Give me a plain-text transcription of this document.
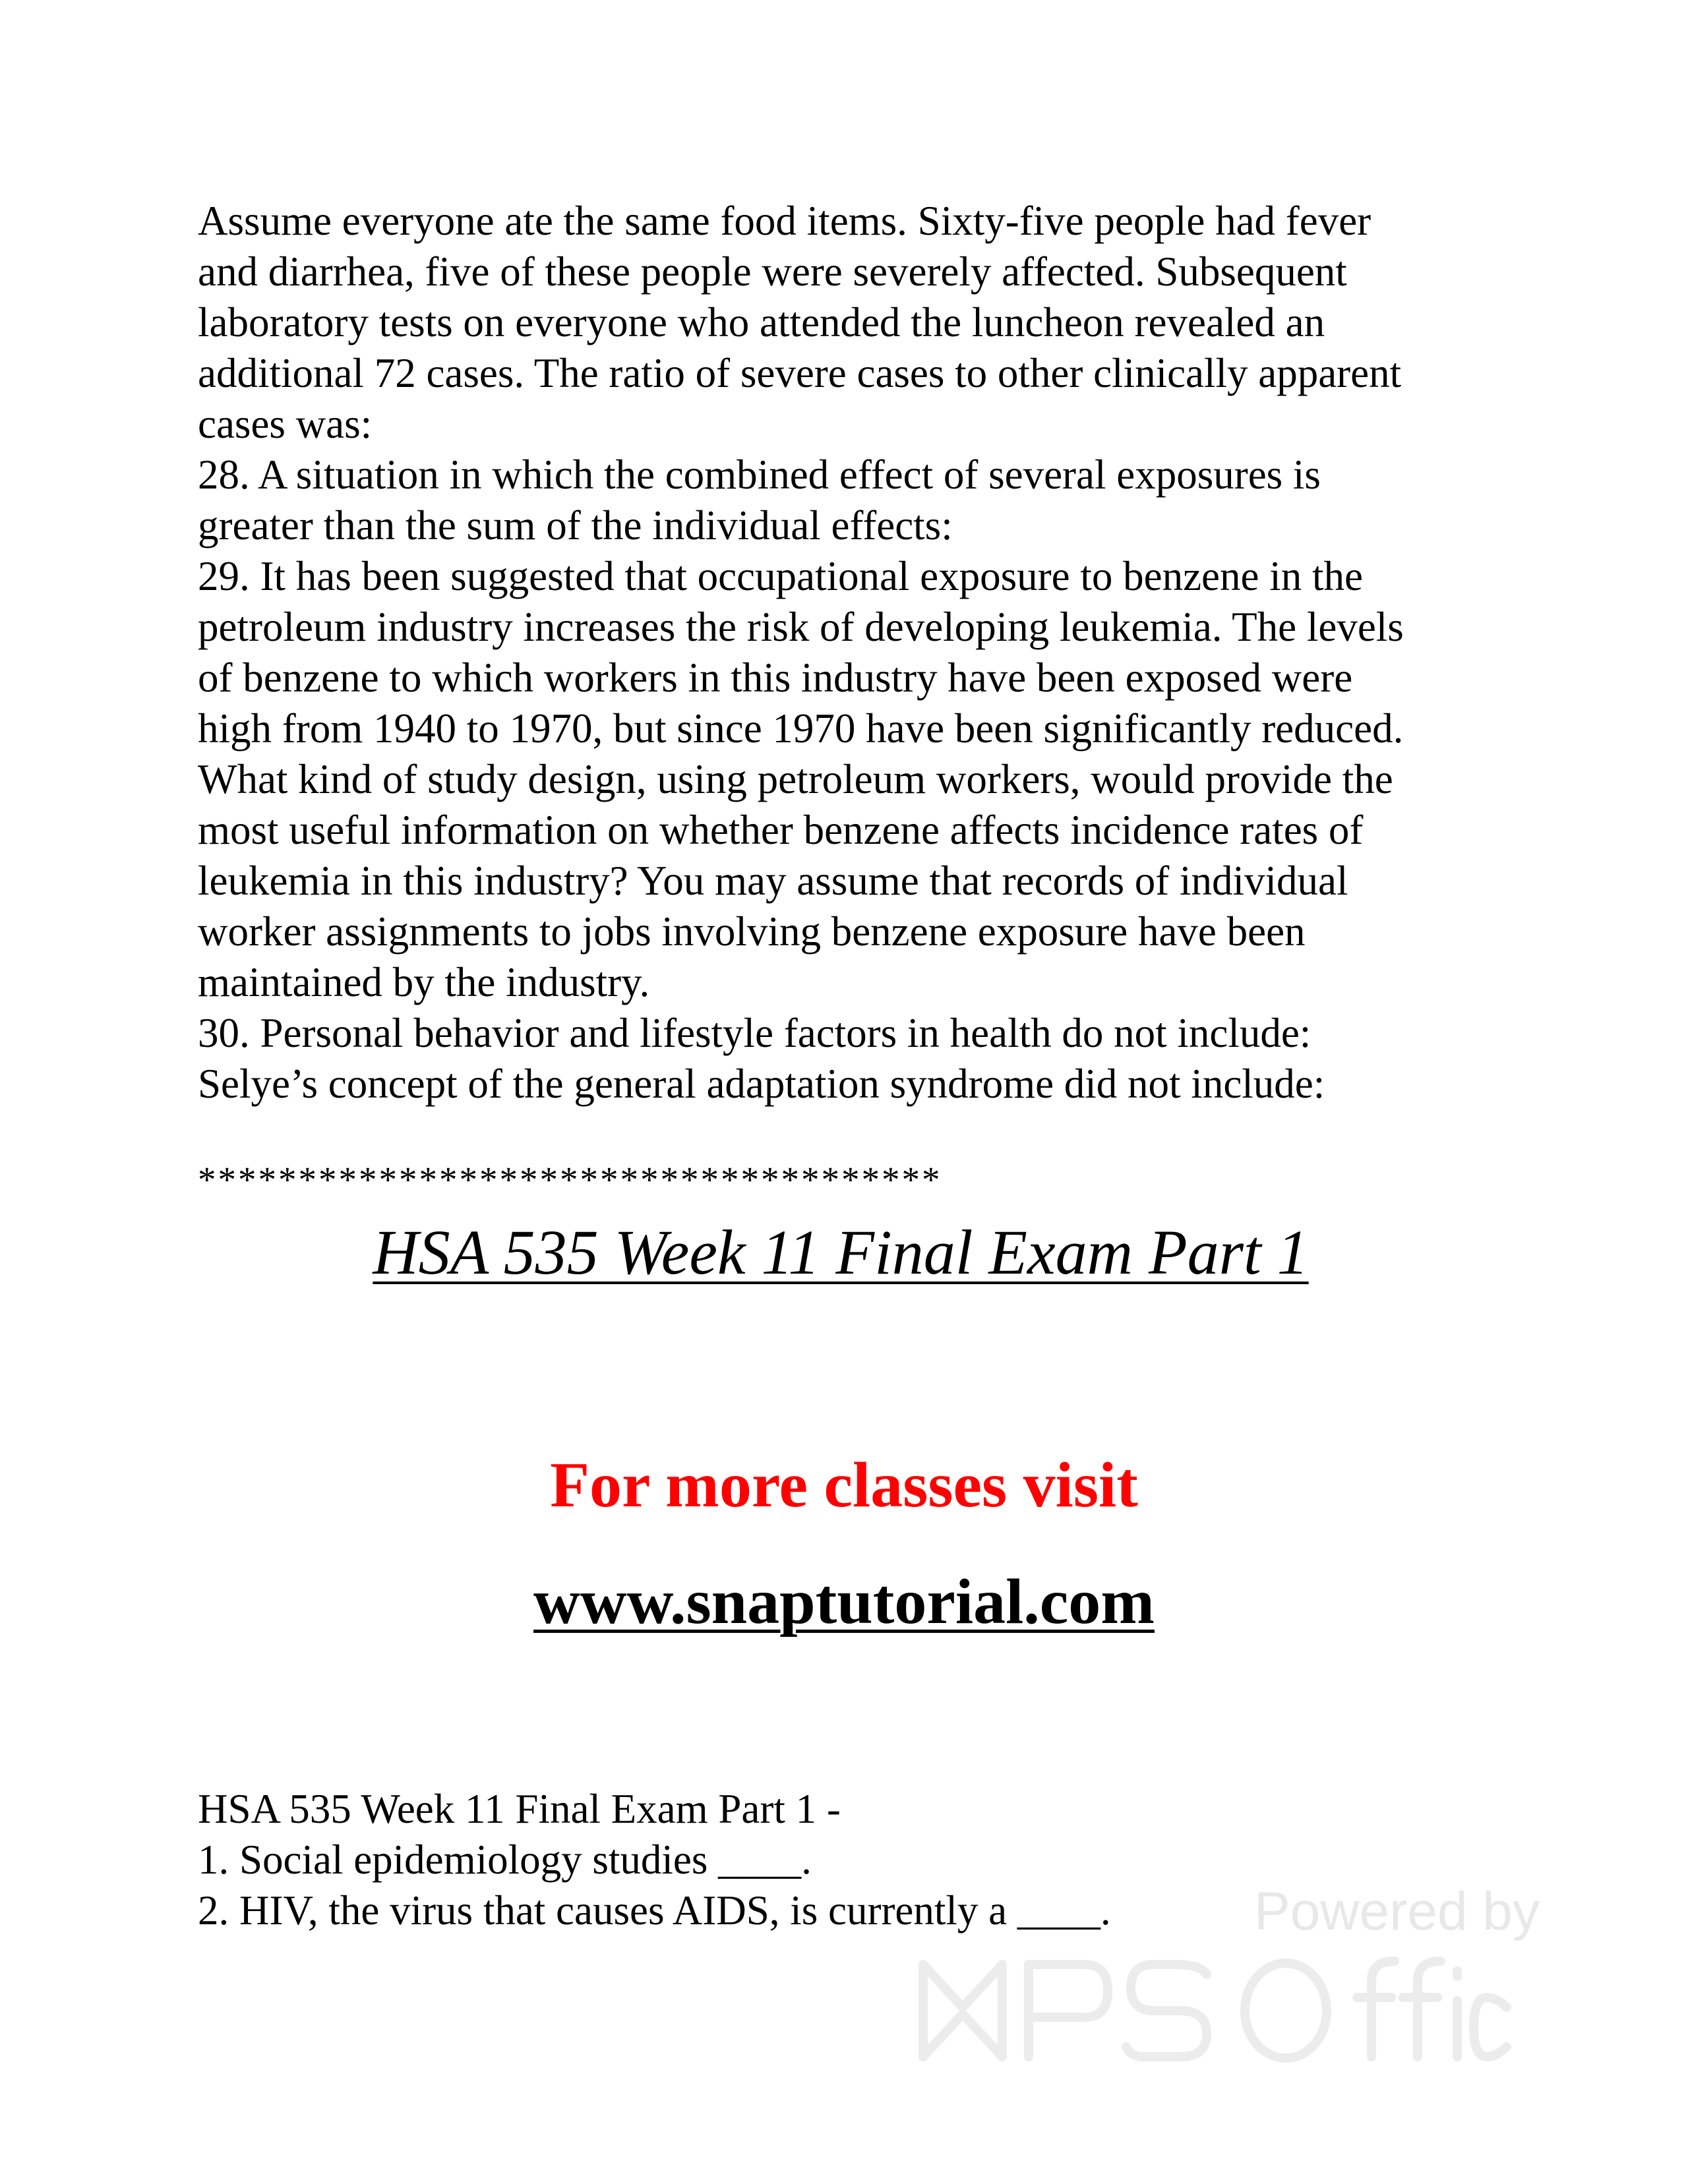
Assume everyone ate the same food items. Sixty-five people had fever

and diarrhea, five of these people were severely affected. Subsequent

laboratory tests on everyone who attended the luncheon revealed an

additional 72 cases. The ratio of severe cases to other clinically apparent

cases was:

28. A situation in which the combined effect of several exposures is

greater than the sum of the individual effects:

29. It has been suggested that occupational exposure to benzene in the

petroleum industry increases the risk of developing leukemia. The levels

of benzene to which workers in this industry have been exposed were

high from 1940 to 1970, but since 1970 have been significantly reduced.

What kind of study design, using petroleum workers, would provide the

most useful information on whether benzene affects incidence rates of

leukemia in this industry? You may assume that records of individual

worker assignments to jobs involving benzene exposure have been

maintained by the industry.

30. Personal behavior and lifestyle factors in health do not include:

Selye’s concept of the general adaptation syndrome did not include:

*************************************
HSA 535 Week 11 Final Exam Part 1
For more classes visit
www.snaptutorial.com

HSA 535 Week 11 Final Exam Part 1 -

1. Social epidemiology studies ____.

2. HIV, the virus that causes AIDS, is currently a ____.	Powered by
